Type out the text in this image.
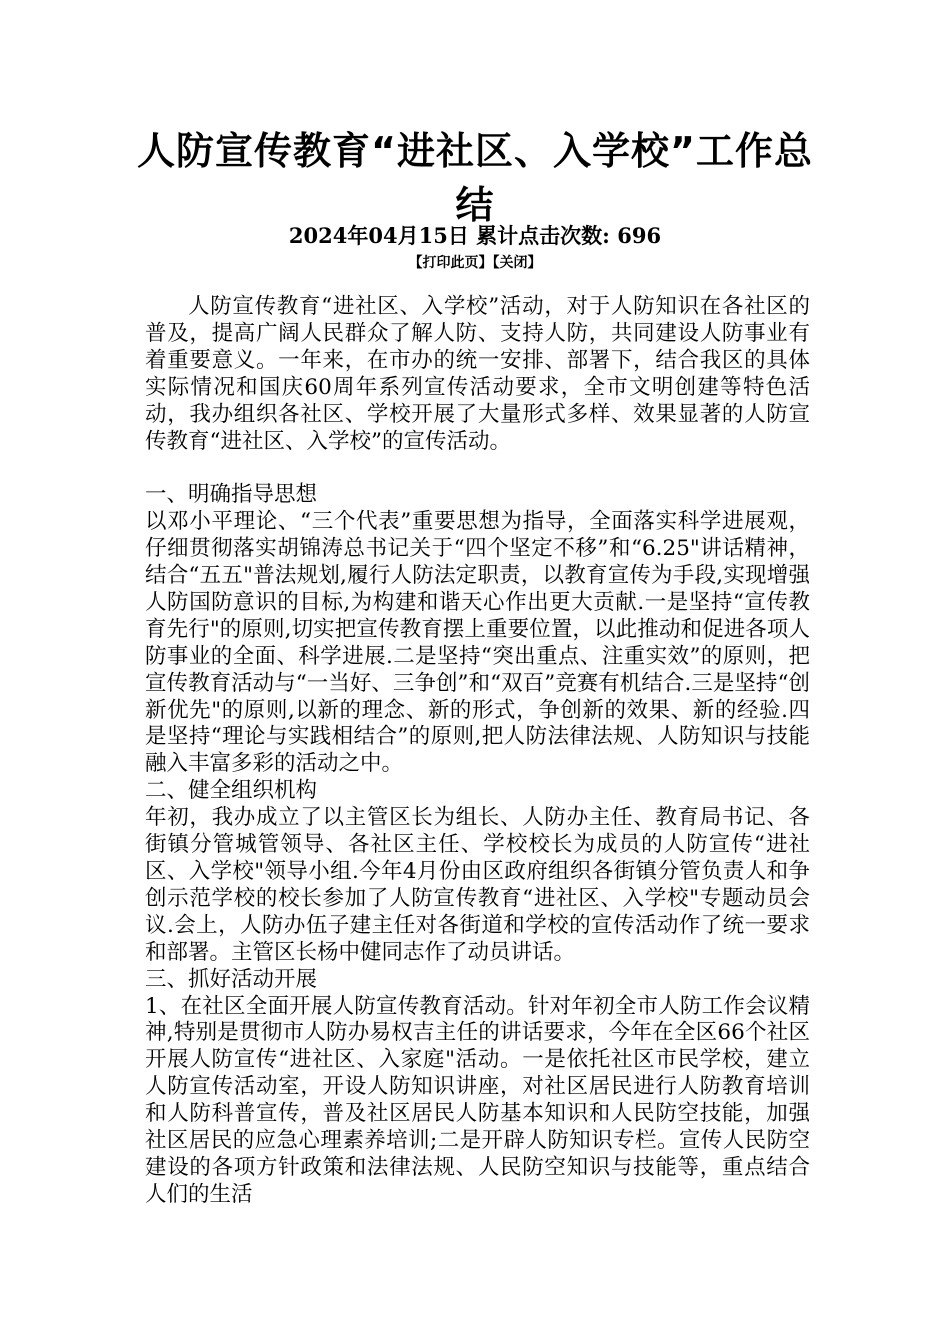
人防宣传教育“进社区、入学校”工作总结
2024年04月15日 累计点击次数: 696
【打印此页】【关闭】

人防宣传教育“进社区、入学校”活动，对于人防知识在各社区的普及，提高广阔人民群众了解人防、支持人防，共同建设人防事业有着重要意义。一年来，在市办的统一安排、部署下，结合我区的具体实际情况和国庆60周年系列宣传活动要求，全市文明创建等特色活动，我办组织各社区、学校开展了大量形式多样、效果显著的人防宣传教育“进社区、入学校”的宣传活动。

一、明确指导思想

以邓小平理论、“三个代表”重要思想为指导，全面落实科学进展观，仔细贯彻落实胡锦涛总书记关于“四个坚定不移”和“6.25"讲话精神，结合“五五"普法规划,履行人防法定职责，以教育宣传为手段,实现增强人防国防意识的目标,为构建和谐天心作出更大贡献.一是坚持“宣传教育先行"的原则,切实把宣传教育摆上重要位置，以此推动和促进各项人防事业的全面、科学进展.二是坚持“突出重点、注重实效”的原则，把宣传教育活动与“一当好、三争创”和“双百”竞赛有机结合.三是坚持“创新优先"的原则,以新的理念、新的形式，争创新的效果、新的经验.四是坚持“理论与实践相结合”的原则,把人防法律法规、人防知识与技能融入丰富多彩的活动之中。

二、健全组织机构

年初，我办成立了以主管区长为组长、人防办主任、教育局书记、各街镇分管城管领导、各社区主任、学校校长为成员的人防宣传“进社区、入学校"领导小组.今年4月份由区政府组织各街镇分管负责人和争创示范学校的校长参加了人防宣传教育“进社区、入学校"专题动员会议.会上，人防办伍子建主任对各街道和学校的宣传活动作了统一要求和部署。主管区长杨中健同志作了动员讲话。

三、抓好活动开展

1、在社区全面开展人防宣传教育活动。针对年初全市人防工作会议精神,特别是贯彻市人防办易权吉主任的讲话要求，今年在全区66个社区开展人防宣传“进社区、入家庭"活动。一是依托社区市民学校，建立人防宣传活动室，开设人防知识讲座，对社区居民进行人防教育培训和人防科普宣传，普及社区居民人防基本知识和人民防空技能，加强社区居民的应急心理素养培训;二是开辟人防知识专栏。宣传人民防空建设的各项方针政策和法律法规、人民防空知识与技能等，重点结合人们的生活
